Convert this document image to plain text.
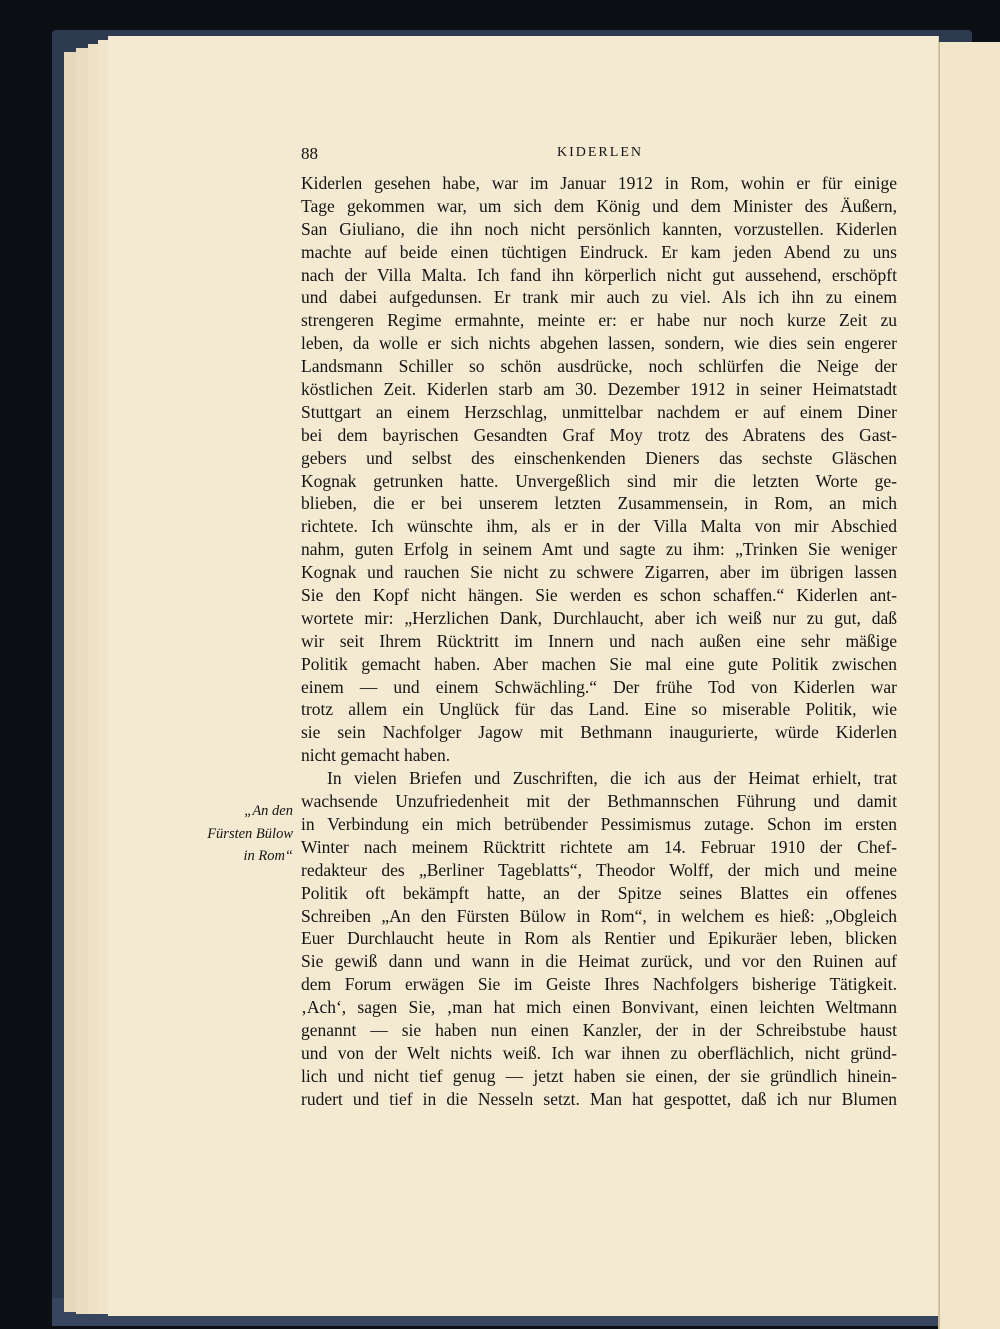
88	KIDERLEN

„An den
Fürsten Bülow
in Rom“
Kiderlen gesehen habe, war im Januar 1912 in Rom, wohin er für einige
Tage gekommen war, um sich dem König und dem Minister des Äußern,
San Giuliano, die ihn noch nicht persönlich kannten, vorzustellen. Kiderlen
machte auf beide einen tüchtigen Eindruck. Er kam jeden Abend zu uns
nach der Villa Malta. Ich fand ihn körperlich nicht gut aussehend, erschöpft
und dabei aufgedunsen. Er trank mir auch zu viel. Als ich ihn zu einem
strengeren Regime ermahnte, meinte er: er habe nur noch kurze Zeit zu
leben, da wolle er sich nichts abgehen lassen, sondern, wie dies sein engerer
Landsmann Schiller so schön ausdrücke, noch schlürfen die Neige der
köstlichen Zeit. Kiderlen starb am 30. Dezember 1912 in seiner Heimatstadt
Stuttgart an einem Herzschlag, unmittelbar nachdem er auf einem Diner
bei dem bayrischen Gesandten Graf Moy trotz des Abratens des Gast-
gebers und selbst des einschenkenden Dieners das sechste Gläschen
Kognak getrunken hatte. Unvergeßlich sind mir die letzten Worte ge-
blieben, die er bei unserem letzten Zusammensein, in Rom, an mich
richtete. Ich wünschte ihm, als er in der Villa Malta von mir Abschied
nahm, guten Erfolg in seinem Amt und sagte zu ihm: „Trinken Sie weniger
Kognak und rauchen Sie nicht zu schwere Zigarren, aber im übrigen lassen
Sie den Kopf nicht hängen. Sie werden es schon schaffen.“ Kiderlen ant-
wortete mir: „Herzlichen Dank, Durchlaucht, aber ich weiß nur zu gut, daß
wir seit Ihrem Rücktritt im Innern und nach außen eine sehr mäßige
Politik gemacht haben. Aber machen Sie mal eine gute Politik zwischen
einem — und einem Schwächling.“ Der frühe Tod von Kiderlen war
trotz allem ein Unglück für das Land. Eine so miserable Politik, wie
sie sein Nachfolger Jagow mit Bethmann inaugurierte, würde Kiderlen
nicht gemacht haben.
In vielen Briefen und Zuschriften, die ich aus der Heimat erhielt, trat
wachsende Unzufriedenheit mit der Bethmannschen Führung und damit
in Verbindung ein mich betrübender Pessimismus zutage. Schon im ersten
Winter nach meinem Rücktritt richtete am 14. Februar 1910 der Chef-
redakteur des „Berliner Tageblatts“, Theodor Wolff, der mich und meine
Politik oft bekämpft hatte, an der Spitze seines Blattes ein offenes
Schreiben „An den Fürsten Bülow in Rom“, in welchem es hieß: „Obgleich
Euer Durchlaucht heute in Rom als Rentier und Epikuräer leben, blicken
Sie gewiß dann und wann in die Heimat zurück, und vor den Ruinen auf
dem Forum erwägen Sie im Geiste Ihres Nachfolgers bisherige Tätigkeit.
‚Ach‘, sagen Sie, ‚man hat mich einen Bonvivant, einen leichten Weltmann
genannt — sie haben nun einen Kanzler, der in der Schreibstube haust
und von der Welt nichts weiß. Ich war ihnen zu oberflächlich, nicht gründ-
lich und nicht tief genug — jetzt haben sie einen, der sie gründlich hinein-
rudert und tief in die Nesseln setzt. Man hat gespottet, daß ich nur Blumen
